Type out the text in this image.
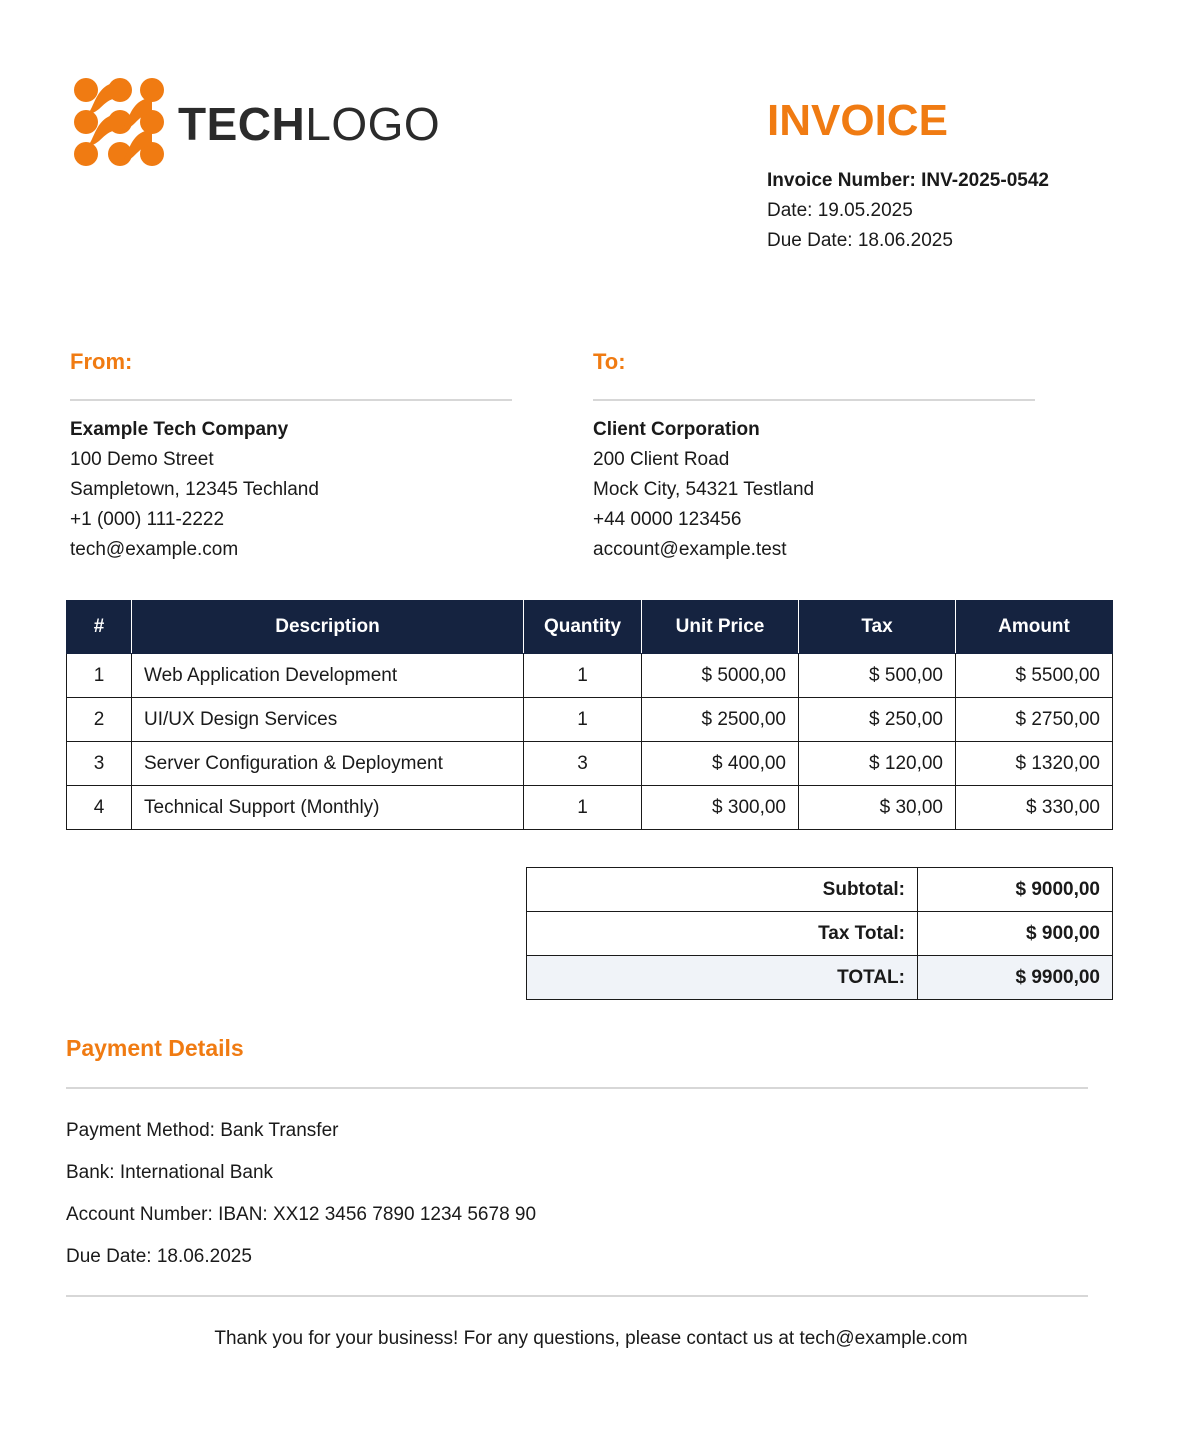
TECHLOGO	INVOICE
Invoice Number: INV-2025-0542
Date: 19.05.2025
Due Date: 18.06.2025
From:
Example Tech Company
100 Demo Street
Sampletown, 12345 Techland
+1 (000) 111-2222
tech@example.com
To:
Client Corporation
200 Client Road
Mock City, 54321 Testland
+44 0000 123456
account@example.test
#	Description	Quantity	Unit Price	Tax	Amount
1	Web Application Development	1	$ 5000,00	$ 500,00	$ 5500,00
2	UI/UX Design Services	1	$ 2500,00	$ 250,00	$ 2750,00
3	Server Configuration & Deployment	3	$ 400,00	$ 120,00	$ 1320,00
4	Technical Support (Monthly)	1	$ 300,00	$ 30,00	$ 330,00
Subtotal:	$ 9000,00
Tax Total:	$ 900,00
TOTAL:	$ 9900,00
Payment Details
Payment Method: Bank Transfer
Bank: International Bank
Account Number: IBAN: XX12 3456 7890 1234 5678 90
Due Date: 18.06.2025
Thank you for your business! For any questions, please contact us at tech@example.com
